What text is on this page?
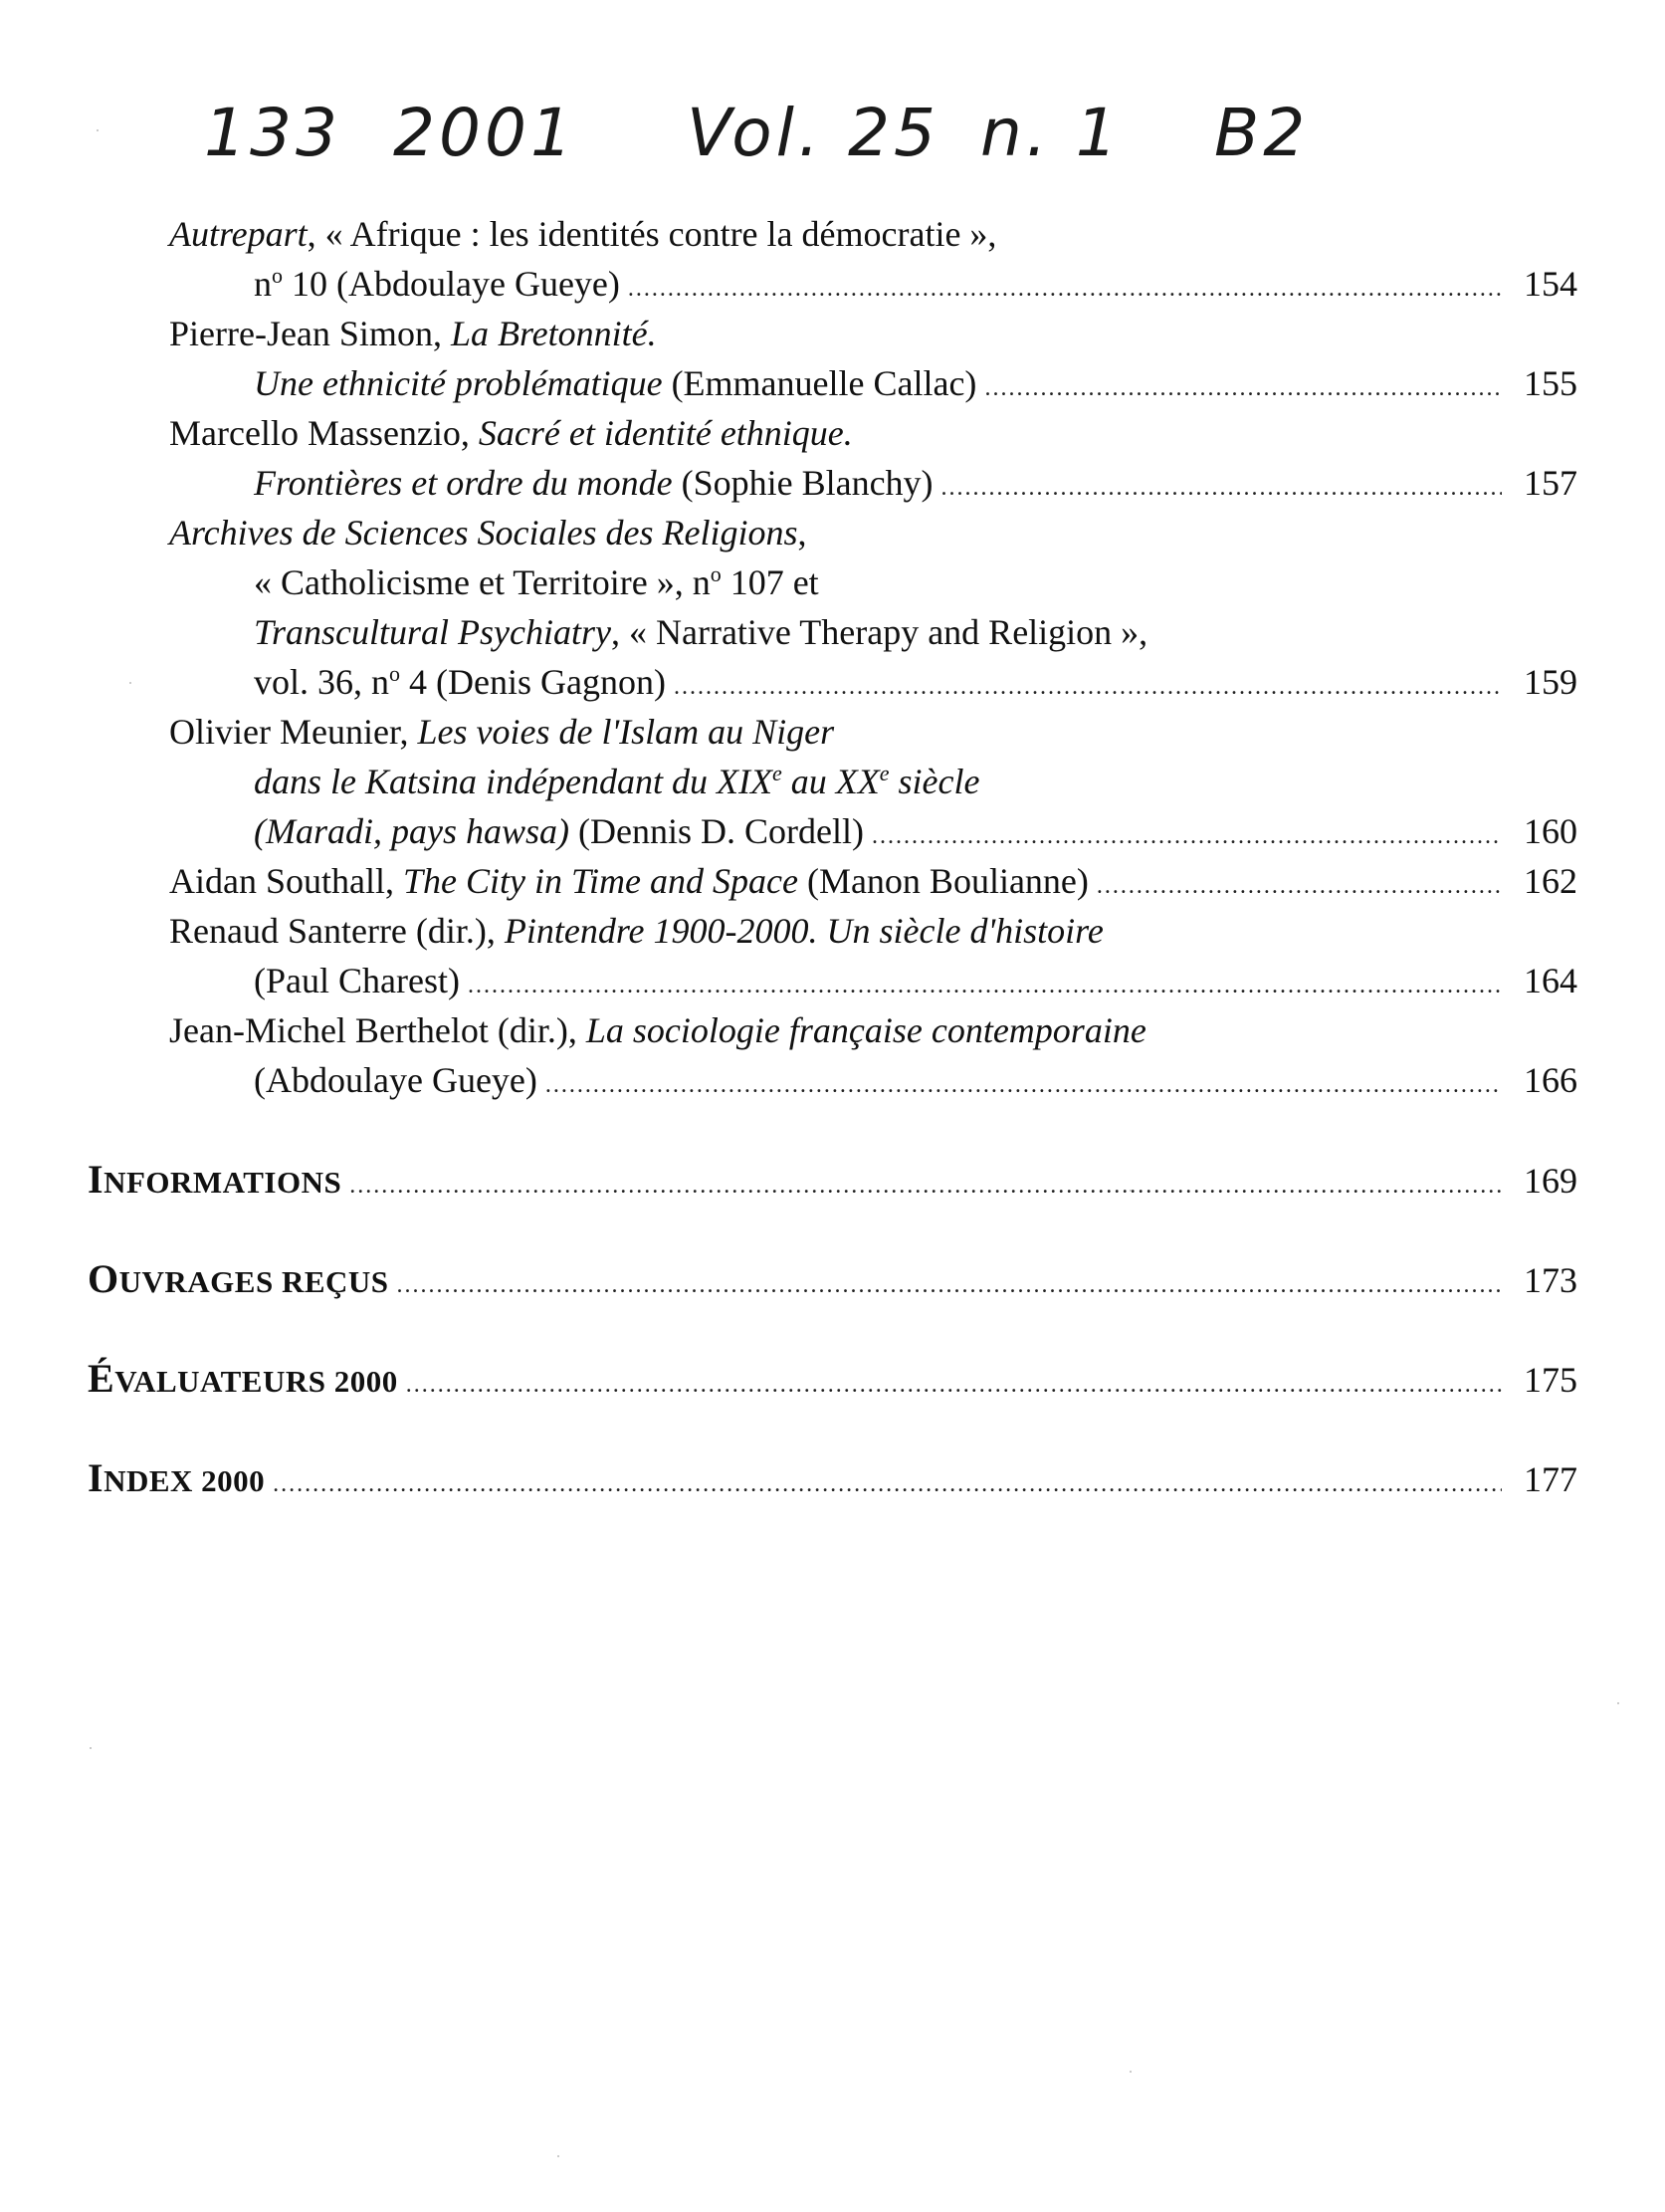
133 2001 Vol. 25 n. 1 B2
Autrepart, « Afrique : les identités contre la démocratie »,
$n^o$ 10 (Abdoulaye Gueye) .....	154
Pierre-Jean Simon, La Bretonnité.
Une ethnicité problématique (Emmanuelle Callac) .....	155
Marcello Massenzio, Sacré et identité ethnique.
Frontières et ordre du monde (Sophie Blanchy) .....	157
Archives de Sciences Sociales des Religions,
« Catholicisme et Territoire », $n^o$ 107 et
Transcultural Psychiatry, « Narrative Therapy and Religion »,
vol. 36, $n^o$ 4 (Denis Gagnon) .....	159
Olivier Meunier, Les voies de l'Islam au Niger
dans le Katsina indépendant du XIXe au XXe siècle
(Maradi, pays hawsa) (Dennis D. Cordell) .....	160
Aidan Southall, The City in Time and Space (Manon Boulianne) .....	162
Renaud Santerre (dir.), Pintendre 1900-2000. Un siècle d'histoire
(Paul Charest) .....	164
Jean-Michel Berthelot (dir.), La sociologie française contemporaine
(Abdoulaye Gueye) .....	166
INFORMATIONS .....	169
OUVRAGES REÇUS .....	173
ÉVALUATEURS 2000 .....	175
INDEX 2000 .....	177
